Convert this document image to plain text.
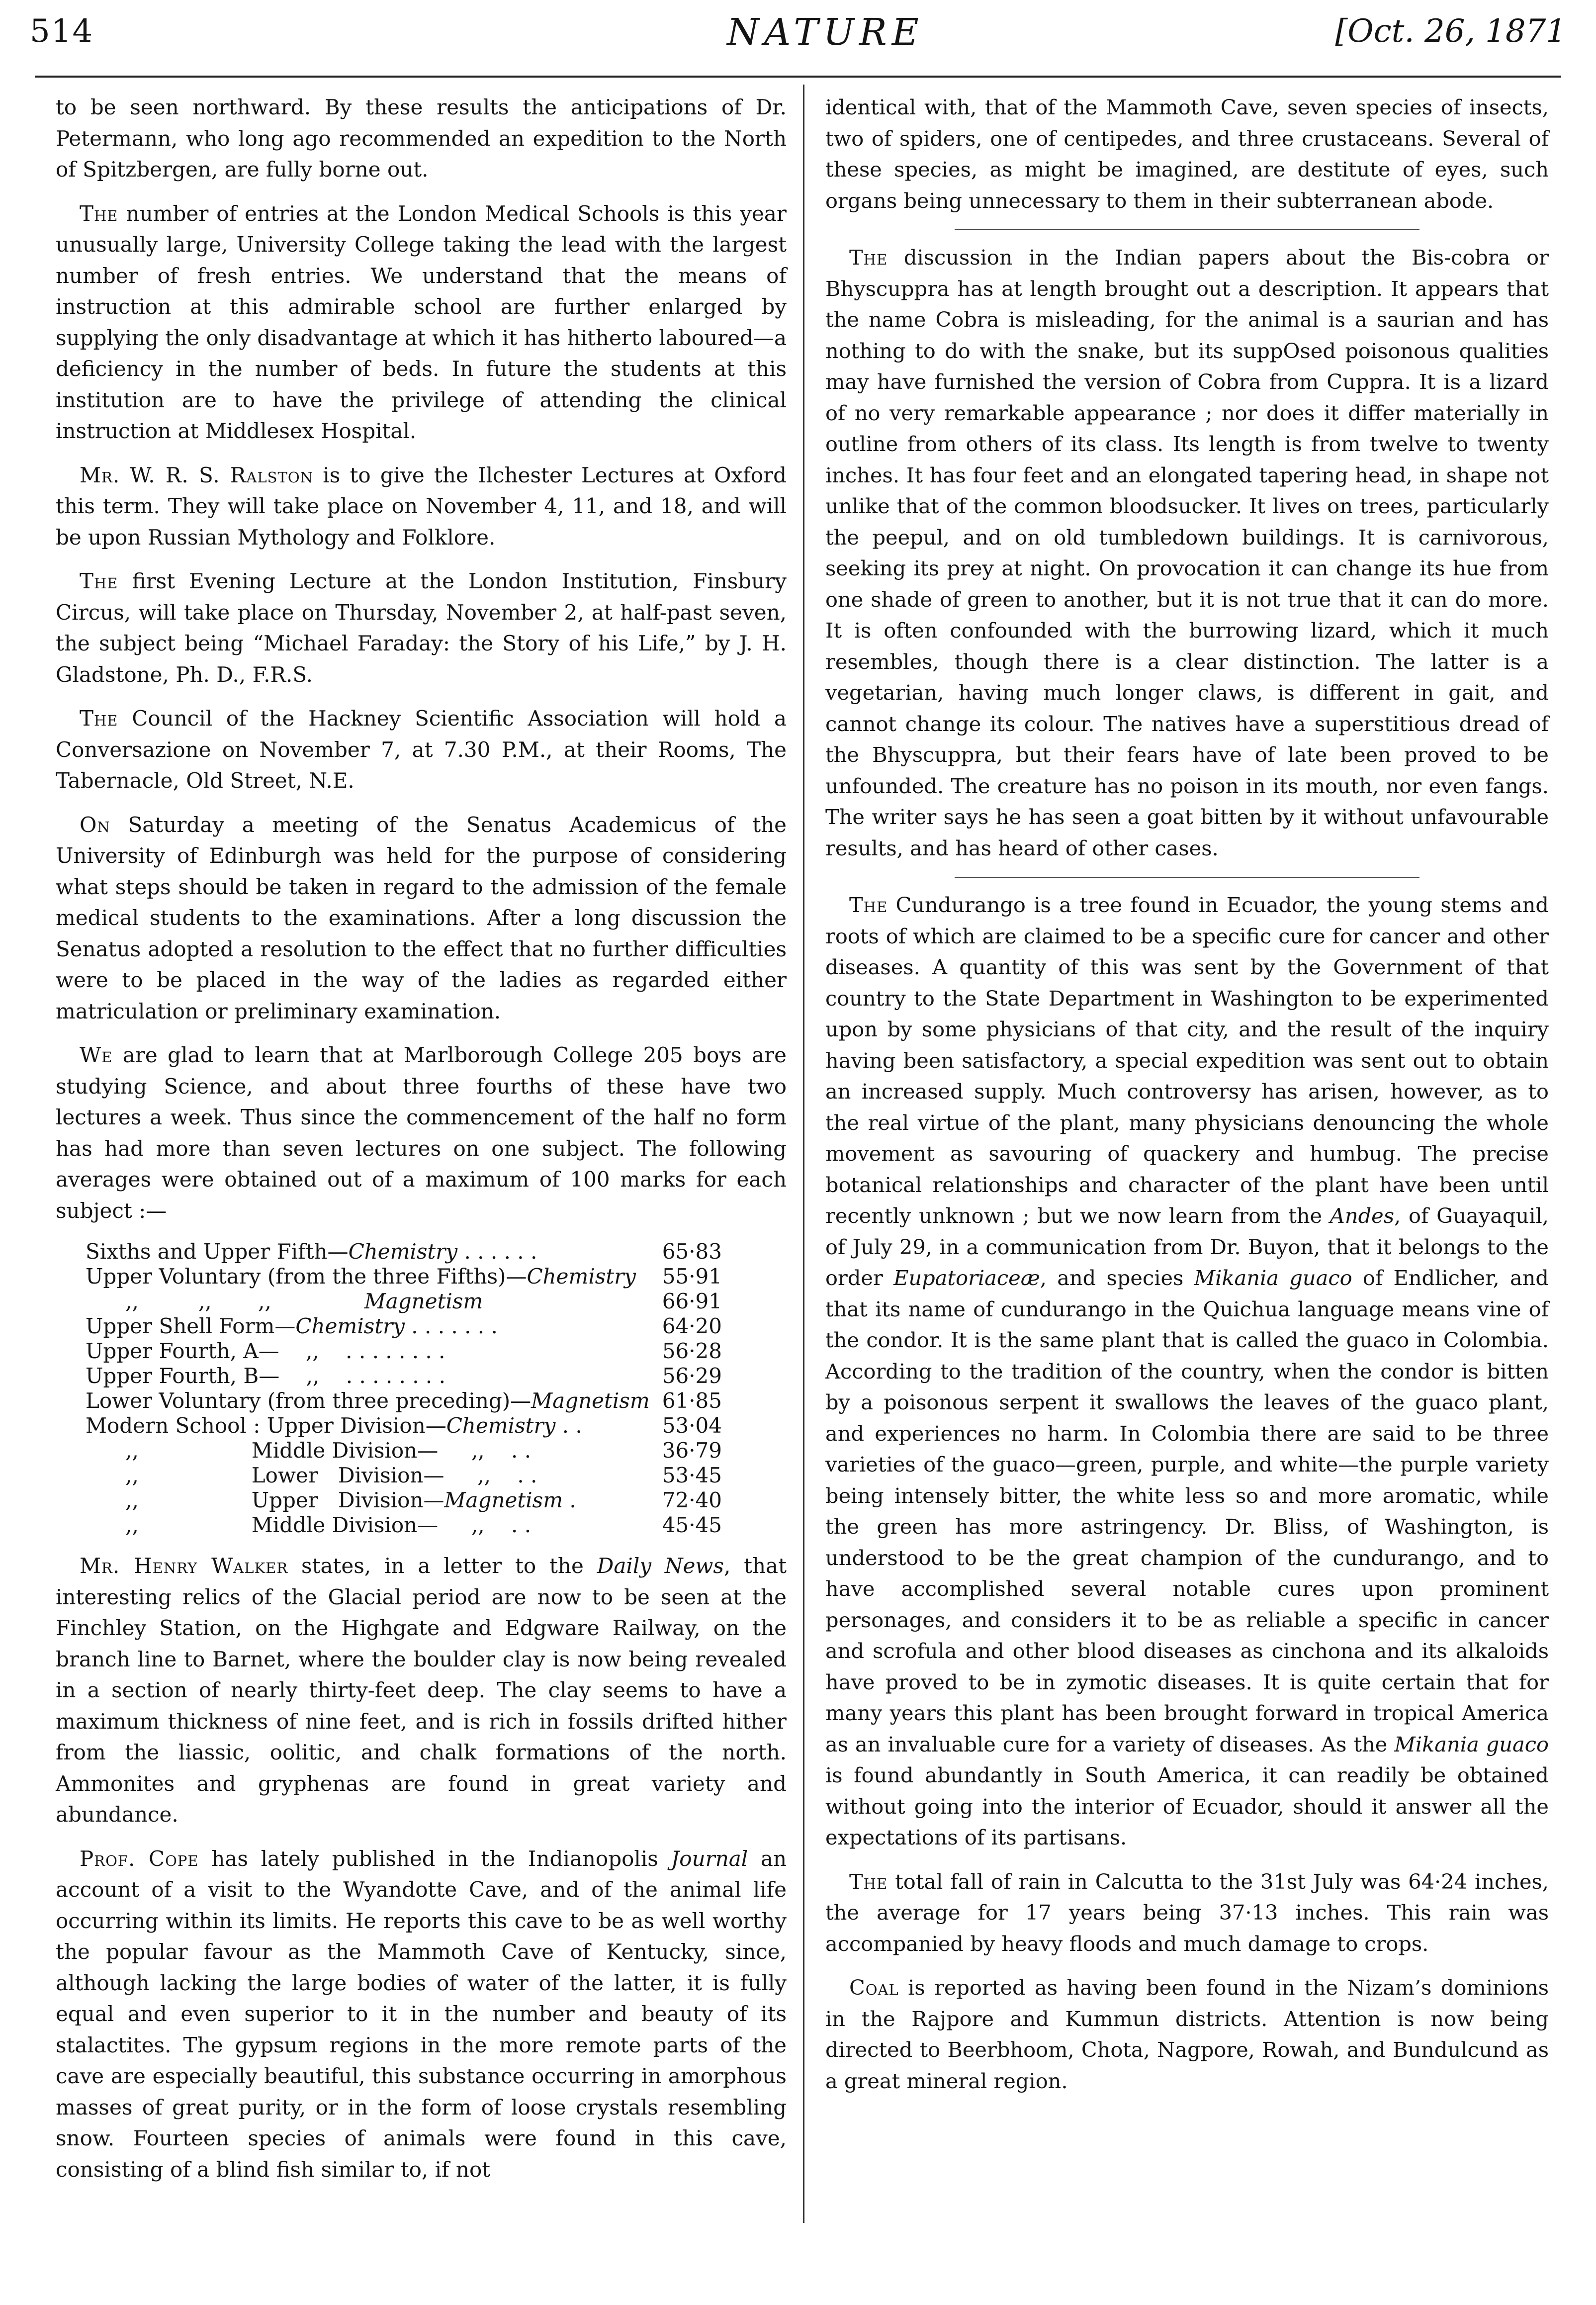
514	NATURE	[Oct. 26, 1871

to be seen northward. By these results the anticipations of Dr. Petermann, who long ago recommended an expedition to the North of Spitzbergen, are fully borne out.

The number of entries at the London Medical Schools is this year unusually large, University College taking the lead with the largest number of fresh entries. We understand that the means of instruction at this admirable school are further enlarged by supplying the only disadvantage at which it has hitherto laboured—a deficiency in the number of beds. In future the students at this institution are to have the privilege of attending the clinical instruction at Middlesex Hospital.

Mr. W. R. S. Ralston is to give the Ilchester Lectures at Oxford this term. They will take place on November 4, 11, and 18, and will be upon Russian Mythology and Folklore.

The first Evening Lecture at the London Institution, Finsbury Circus, will take place on Thursday, November 2, at half-past seven, the subject being “Michael Faraday: the Story of his Life,” by J. H. Gladstone, Ph. D., F.R.S.

The Council of the Hackney Scientific Association will hold a Conversazione on November 7, at 7.30 P.M., at their Rooms, The Tabernacle, Old Street, N.E.

On Saturday a meeting of the Senatus Academicus of the University of Edinburgh was held for the purpose of considering what steps should be taken in regard to the admission of the female medical students to the examinations. After a long discussion the Senatus adopted a resolution to the effect that no further difficulties were to be placed in the way of the ladies as regarded either matriculation or preliminary examination.

We are glad to learn that at Marlborough College 205 boys are studying Science, and about three fourths of these have two lectures a week. Thus since the commencement of the half no form has had more than seven lectures on one subject. The following averages were obtained out of a maximum of 100 marks for each subject :—

Sixths and Upper Fifth—Chemistry . . . . . .	65·83
Upper Voluntary (from the three Fifths)—Chemistry	55·91
,,         ,,       ,,              Magnetism	66·91
Upper Shell Form—Chemistry . . . . . . .	64·20
Upper Fourth, A—    ,,    . . . . . . . .	56·28
Upper Fourth, B—    ,,    . . . . . . . .	56·29
Lower Voluntary (from three preceding)—Magnetism	61·85
Modern School : Upper Division—Chemistry . .	53·04
,,                 Middle Division—     ,,    . .	36·79
,,                 Lower   Division—     ,,    . .	53·45
,,                 Upper   Division—Magnetism .	72·40
,,                 Middle Division—     ,,    . .	45·45

Mr. Henry Walker states, in a letter to the Daily News, that interesting relics of the Glacial period are now to be seen at the Finchley Station, on the Highgate and Edgware Railway, on the branch line to Barnet, where the boulder clay is now being revealed in a section of nearly thirty-feet deep. The clay seems to have a maximum thickness of nine feet, and is rich in fossils drifted hither from the liassic, oolitic, and chalk formations of the north. Ammonites and gryphenas are found in great variety and abundance.

Prof. Cope has lately published in the Indianopolis Journal an account of a visit to the Wyandotte Cave, and of the animal life occurring within its limits. He reports this cave to be as well worthy the popular favour as the Mammoth Cave of Kentucky, since, although lacking the large bodies of water of the latter, it is fully equal and even superior to it in the number and beauty of its stalactites. The gypsum regions in the more remote parts of the cave are especially beautiful, this substance occurring in amorphous masses of great purity, or in the form of loose crystals resembling snow. Fourteen species of animals were found in this cave, consisting of a blind fish similar to, if not

identical with, that of the Mammoth Cave, seven species of insects, two of spiders, one of centipedes, and three crustaceans. Several of these species, as might be imagined, are destitute of eyes, such organs being unnecessary to them in their subterranean abode.

The discussion in the Indian papers about the Bis-cobra or Bhyscuppra has at length brought out a description. It appears that the name Cobra is misleading, for the animal is a saurian and has nothing to do with the snake, but its suppOsed poisonous qualities may have furnished the version of Cobra from Cuppra. It is a lizard of no very remarkable appearance ; nor does it differ materially in outline from others of its class. Its length is from twelve to twenty inches. It has four feet and an elongated tapering head, in shape not unlike that of the common bloodsucker. It lives on trees, particularly the peepul, and on old tumbledown buildings. It is carnivorous, seeking its prey at night. On provocation it can change its hue from one shade of green to another, but it is not true that it can do more. It is often confounded with the burrowing lizard, which it much resembles, though there is a clear distinction. The latter is a vegetarian, having much longer claws, is different in gait, and cannot change its colour. The natives have a superstitious dread of the Bhyscuppra, but their fears have of late been proved to be unfounded. The creature has no poison in its mouth, nor even fangs. The writer says he has seen a goat bitten by it without unfavourable results, and has heard of other cases.

The Cundurango is a tree found in Ecuador, the young stems and roots of which are claimed to be a specific cure for cancer and other diseases. A quantity of this was sent by the Government of that country to the State Department in Washington to be experimented upon by some physicians of that city, and the result of the inquiry having been satisfactory, a special expedition was sent out to obtain an increased supply. Much controversy has arisen, however, as to the real virtue of the plant, many physicians denouncing the whole movement as savouring of quackery and humbug. The precise botanical relationships and character of the plant have been until recently unknown ; but we now learn from the Andes, of Guayaquil, of July 29, in a communication from Dr. Buyon, that it belongs to the order Eupatoriaceæ, and species Mikania guaco of Endlicher, and that its name of cundurango in the Quichua language means vine of the condor. It is the same plant that is called the guaco in Colombia. According to the tradition of the country, when the condor is bitten by a poisonous serpent it swallows the leaves of the guaco plant, and experiences no harm. In Colombia there are said to be three varieties of the guaco—green, purple, and white—the purple variety being intensely bitter, the white less so and more aromatic, while the green has more astringency. Dr. Bliss, of Washington, is understood to be the great champion of the cundurango, and to have accomplished several notable cures upon prominent personages, and considers it to be as reliable a specific in cancer and scrofula and other blood diseases as cinchona and its alkaloids have proved to be in zymotic diseases. It is quite certain that for many years this plant has been brought forward in tropical America as an invaluable cure for a variety of diseases. As the Mikania guaco is found abundantly in South America, it can readily be obtained without going into the interior of Ecuador, should it answer all the expectations of its partisans.

The total fall of rain in Calcutta to the 31st July was 64·24 inches, the average for 17 years being 37·13 inches. This rain was accompanied by heavy floods and much damage to crops.

Coal is reported as having been found in the Nizam’s dominions in the Rajpore and Kummun districts. Attention is now being directed to Beerbhoom, Chota, Nagpore, Rowah, and Bundulcund as a great mineral region.
